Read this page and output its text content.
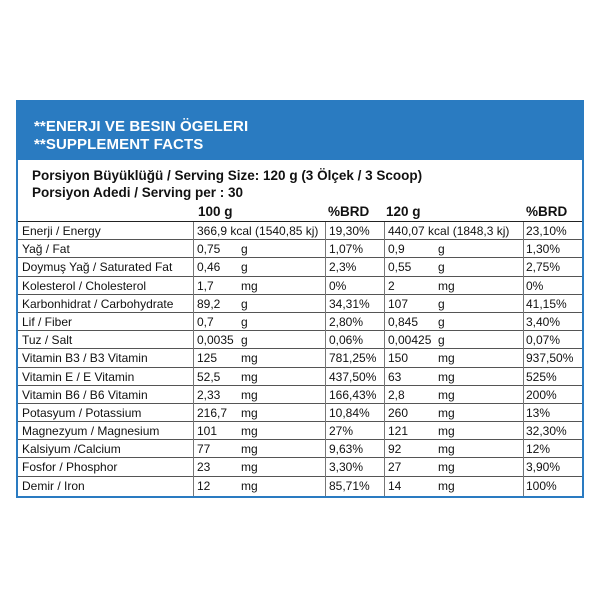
**ENERJI VE BESIN ÖGELERI
**SUPPLEMENT FACTS
Porsiyon Büyüklüğü / Serving Size: 120 g (3 Ölçek / 3 Scoop)
Porsiyon Adedi / Serving per : 30
100 g	%BRD 120 g	%BRD
Enerji / Energy	366,9 kcal (1540,85 kj) 19,30% 440,07 kcal (1848,3 kj) 23,10%
Yağ / Fat	0,75 g	1,07% 0,9	g	1,30%
Doymuş Yağ / Saturated Fat 0,46 g	2,3%	0,55 g	2,75%
Kolesterol / Cholesterol	1,7 mg	0%	2	mg	0%
Karbonhidrat / Carbohydrate 89,2 g	34,31% 107 g	41,15%
Lif / Fiber	0,7 g	2,80% 0,845 g	3,40%
Tuz / Salt	0,0035 g	0,06% 0,00425 g	0,07%
Vitamin B3 / B3 Vitamin	125 mg	781,25% 150 mg	937,50%
Vitamin E / E Vitamin	52,5 mg	437,50% 63	mg	525%
Vitamin B6 / B6 Vitamin	2,33 mg	166,43% 2,8	mg	200%
Potasyum / Potassium	216,7 mg	10,84% 260 mg	13%
Magnezyum / Magnesium	101 mg	27%	121 mg	32,30%
Kalsiyum /Calcium	77	mg	9,63% 92	mg	12%
Fosfor / Phosphor	23	mg	3,30% 27	mg	3,90%
Demir / Iron	12	mg	85,71% 14	mg	100%
